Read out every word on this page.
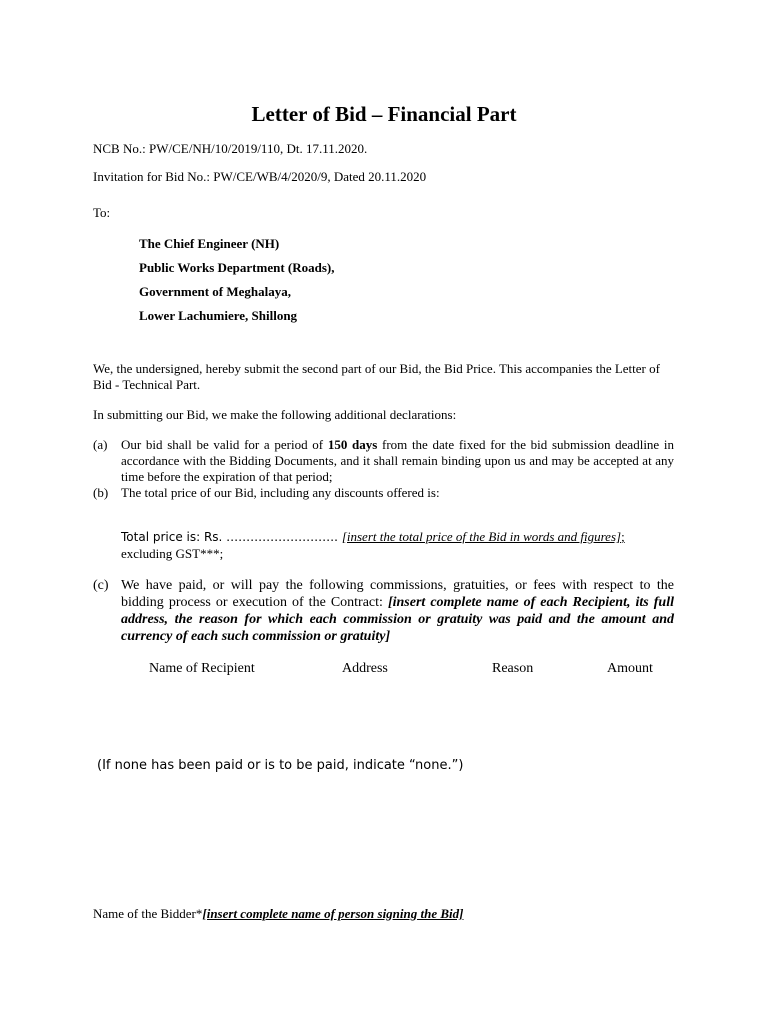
Letter of Bid – Financial Part
NCB No.: PW/CE/NH/10/2019/110, Dt. 17.11.2020.
Invitation for Bid No.: PW/CE/WB/4/2020/9, Dated 20.11.2020
To:
The Chief Engineer (NH)
Public Works Department (Roads),
Government of Meghalaya,
Lower Lachumiere, Shillong
We, the undersigned, hereby submit the second part of our Bid, the Bid Price. This accompanies the Letter of Bid - Technical Part.
In submitting our Bid, we make the following additional declarations:
(a) Our bid shall be valid for a period of 150 days from the date fixed for the bid submission deadline in accordance with the Bidding Documents, and it shall remain binding upon us and may be accepted at any time before the expiration of that period;
(b) The total price of our Bid, including any discounts offered is:
Total price is: Rs. ………………………. [insert the total price of the Bid in words and figures];
excluding GST***;
(c) We have paid, or will pay the following commissions, gratuities, or fees with respect to the bidding process or execution of the Contract: [insert complete name of each Recipient, its full address, the reason for which each commission or gratuity was paid and the amount and currency of each such commission or gratuity]
Name of Recipient	Address	Reason	Amount
(If none has been paid or is to be paid, indicate “none.”)
Name of the Bidder*[insert complete name of person signing the Bid]
